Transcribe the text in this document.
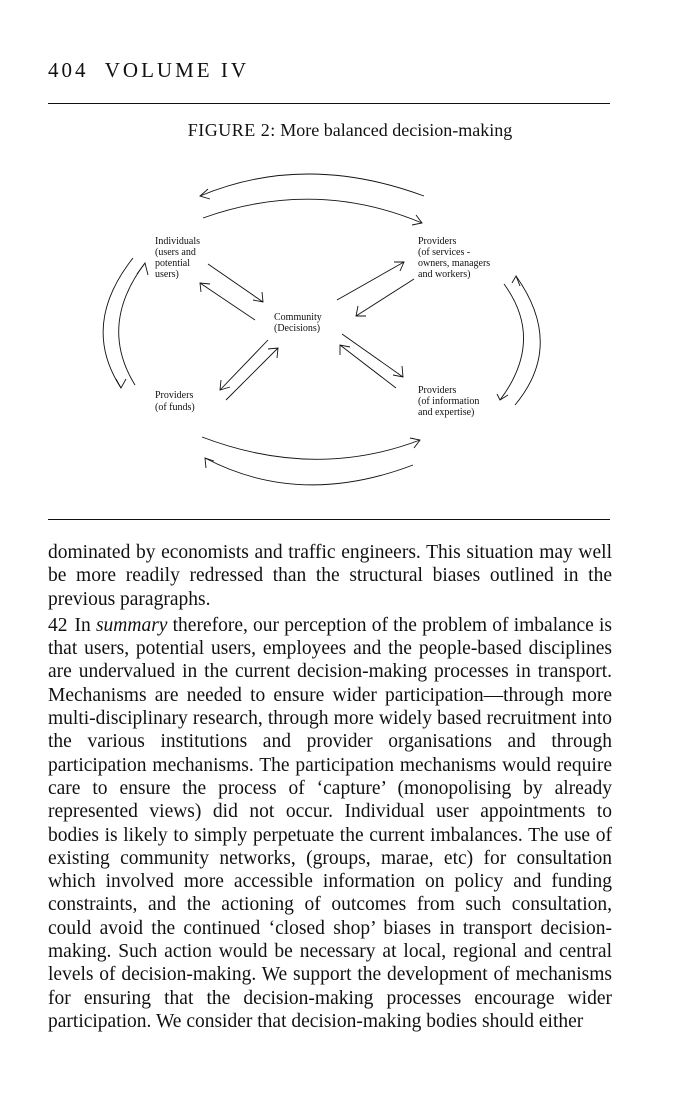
404 VOLUME IV
FIGURE 2: More balanced decision-making
Individuals (users and potential users)
Providers (of services - owners, managers and workers)
Community (Decisions)
Providers (of funds)
Providers (of information and expertise)

dominated by economists and traffic engineers. This situation may well be more readily redressed than the structural biases outlined in the previous paragraphs.

42 In summary therefore, our perception of the problem of imbalance is that users, potential users, employees and the people-based disciplines are undervalued in the current decision-making processes in transport. Mechanisms are needed to ensure wider participation—through more multi-disciplinary research, through more widely based recruitment into the various institutions and provider organisations and through participation mechanisms. The participation mechanisms would require care to ensure the process of ‘capture’ (monopolising by already represented views) did not occur. Individual user appointments to bodies is likely to simply perpetuate the current imbalances. The use of existing community networks, (groups, marae, etc) for consultation which involved more accessible information on policy and funding constraints, and the actioning of outcomes from such consultation, could avoid the continued ‘closed shop’ biases in transport decision-making. Such action would be necessary at local, regional and central levels of decision-making. We support the development of mechanisms for ensuring that the decision-making processes encourage wider participation. We consider that decision-making bodies should either
